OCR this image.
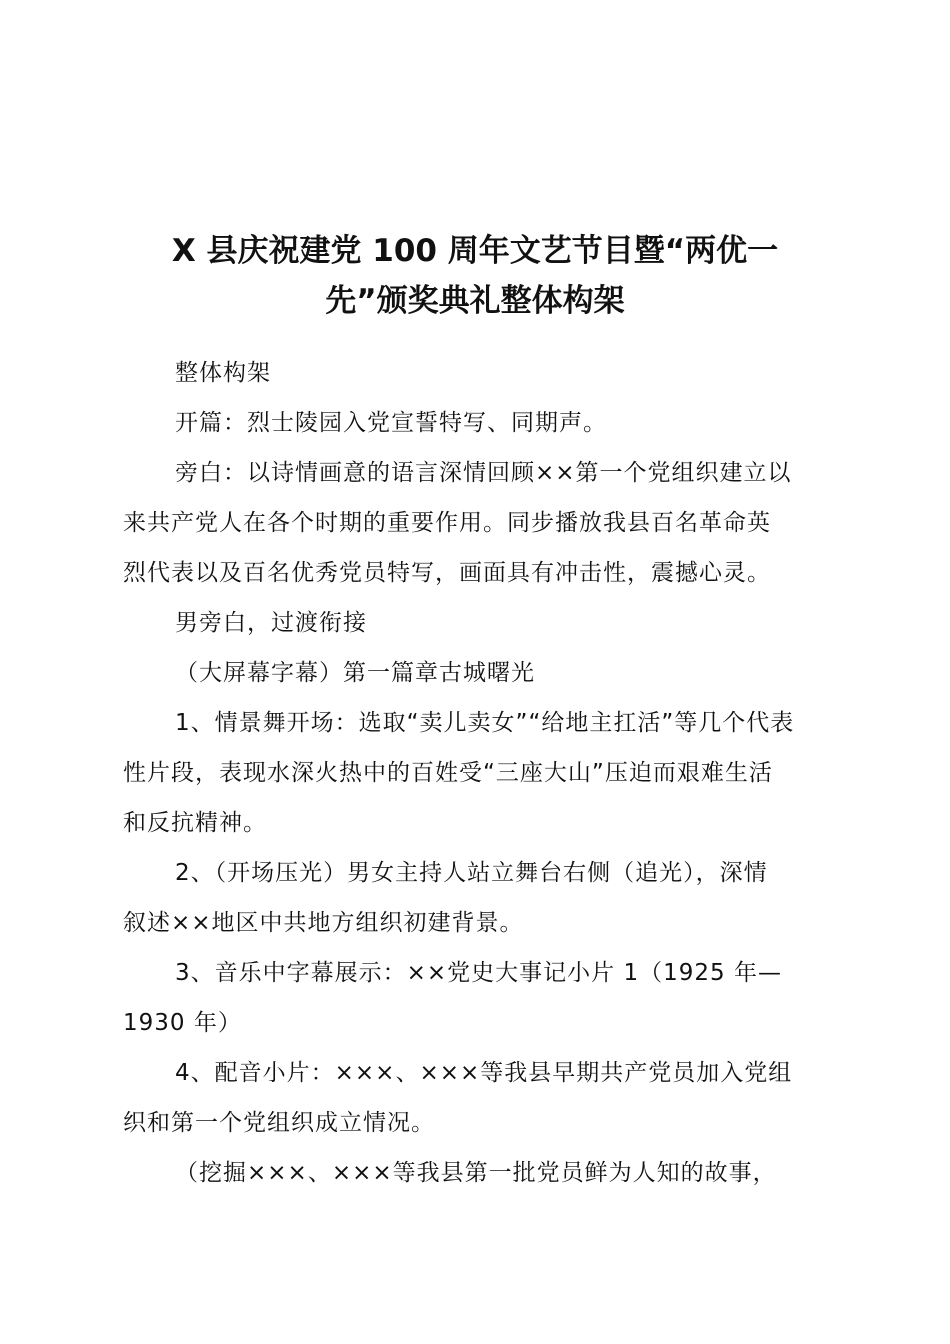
X 县庆祝建党 100 周年文艺节目暨“两优一
先”颁奖典礼整体构架

整体构架

开篇：烈士陵园入党宣誓特写、同期声。

旁白：以诗情画意的语言深情回顾××第一个党组织建立以
来共产党人在各个时期的重要作用。同步播放我县百名革命英
烈代表以及百名优秀党员特写，画面具有冲击性，震撼心灵。

男旁白，过渡衔接

（大屏幕字幕）第一篇章古城曙光

1、情景舞开场：选取“卖儿卖女”“给地主扛活”等几个代表
性片段，表现水深火热中的百姓受“三座大山”压迫而艰难生活
和反抗精神。

2、（开场压光）男女主持人站立舞台右侧（追光），深情
叙述××地区中共地方组织初建背景。

3、音乐中字幕展示：××党史大事记小片 1（1925 年—
1930 年）

4、配音小片：×××、×××等我县早期共产党员加入党组
织和第一个党组织成立情况。

（挖掘×××、×××等我县第一批党员鲜为人知的故事，
